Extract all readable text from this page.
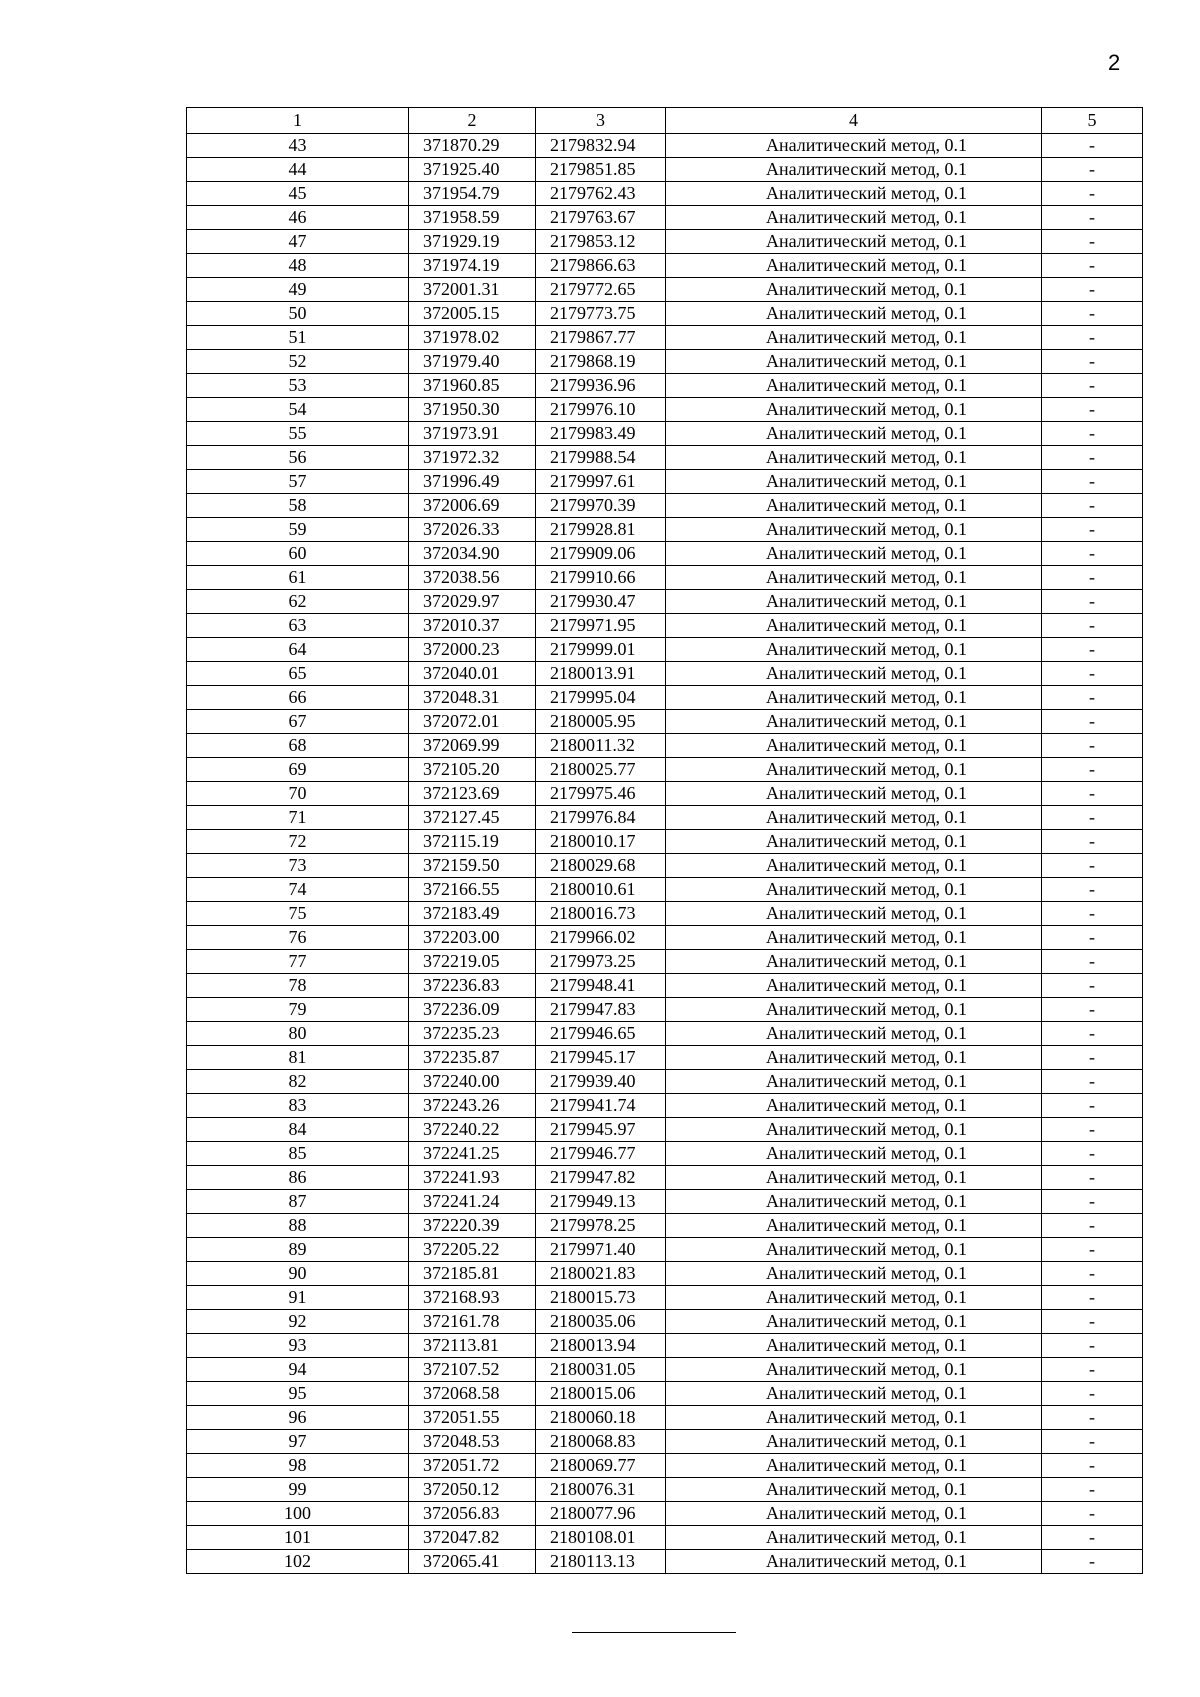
2
1	2	3	4	5
43	371870.29	2179832.94	Аналитический метод, 0.1	-
44	371925.40	2179851.85	Аналитический метод, 0.1	-
45	371954.79	2179762.43	Аналитический метод, 0.1	-
46	371958.59	2179763.67	Аналитический метод, 0.1	-
47	371929.19	2179853.12	Аналитический метод, 0.1	-
48	371974.19	2179866.63	Аналитический метод, 0.1	-
49	372001.31	2179772.65	Аналитический метод, 0.1	-
50	372005.15	2179773.75	Аналитический метод, 0.1	-
51	371978.02	2179867.77	Аналитический метод, 0.1	-
52	371979.40	2179868.19	Аналитический метод, 0.1	-
53	371960.85	2179936.96	Аналитический метод, 0.1	-
54	371950.30	2179976.10	Аналитический метод, 0.1	-
55	371973.91	2179983.49	Аналитический метод, 0.1	-
56	371972.32	2179988.54	Аналитический метод, 0.1	-
57	371996.49	2179997.61	Аналитический метод, 0.1	-
58	372006.69	2179970.39	Аналитический метод, 0.1	-
59	372026.33	2179928.81	Аналитический метод, 0.1	-
60	372034.90	2179909.06	Аналитический метод, 0.1	-
61	372038.56	2179910.66	Аналитический метод, 0.1	-
62	372029.97	2179930.47	Аналитический метод, 0.1	-
63	372010.37	2179971.95	Аналитический метод, 0.1	-
64	372000.23	2179999.01	Аналитический метод, 0.1	-
65	372040.01	2180013.91	Аналитический метод, 0.1	-
66	372048.31	2179995.04	Аналитический метод, 0.1	-
67	372072.01	2180005.95	Аналитический метод, 0.1	-
68	372069.99	2180011.32	Аналитический метод, 0.1	-
69	372105.20	2180025.77	Аналитический метод, 0.1	-
70	372123.69	2179975.46	Аналитический метод, 0.1	-
71	372127.45	2179976.84	Аналитический метод, 0.1	-
72	372115.19	2180010.17	Аналитический метод, 0.1	-
73	372159.50	2180029.68	Аналитический метод, 0.1	-
74	372166.55	2180010.61	Аналитический метод, 0.1	-
75	372183.49	2180016.73	Аналитический метод, 0.1	-
76	372203.00	2179966.02	Аналитический метод, 0.1	-
77	372219.05	2179973.25	Аналитический метод, 0.1	-
78	372236.83	2179948.41	Аналитический метод, 0.1	-
79	372236.09	2179947.83	Аналитический метод, 0.1	-
80	372235.23	2179946.65	Аналитический метод, 0.1	-
81	372235.87	2179945.17	Аналитический метод, 0.1	-
82	372240.00	2179939.40	Аналитический метод, 0.1	-
83	372243.26	2179941.74	Аналитический метод, 0.1	-
84	372240.22	2179945.97	Аналитический метод, 0.1	-
85	372241.25	2179946.77	Аналитический метод, 0.1	-
86	372241.93	2179947.82	Аналитический метод, 0.1	-
87	372241.24	2179949.13	Аналитический метод, 0.1	-
88	372220.39	2179978.25	Аналитический метод, 0.1	-
89	372205.22	2179971.40	Аналитический метод, 0.1	-
90	372185.81	2180021.83	Аналитический метод, 0.1	-
91	372168.93	2180015.73	Аналитический метод, 0.1	-
92	372161.78	2180035.06	Аналитический метод, 0.1	-
93	372113.81	2180013.94	Аналитический метод, 0.1	-
94	372107.52	2180031.05	Аналитический метод, 0.1	-
95	372068.58	2180015.06	Аналитический метод, 0.1	-
96	372051.55	2180060.18	Аналитический метод, 0.1	-
97	372048.53	2180068.83	Аналитический метод, 0.1	-
98	372051.72	2180069.77	Аналитический метод, 0.1	-
99	372050.12	2180076.31	Аналитический метод, 0.1	-
100	372056.83	2180077.96	Аналитический метод, 0.1	-
101	372047.82	2180108.01	Аналитический метод, 0.1	-
102	372065.41	2180113.13	Аналитический метод, 0.1	-
